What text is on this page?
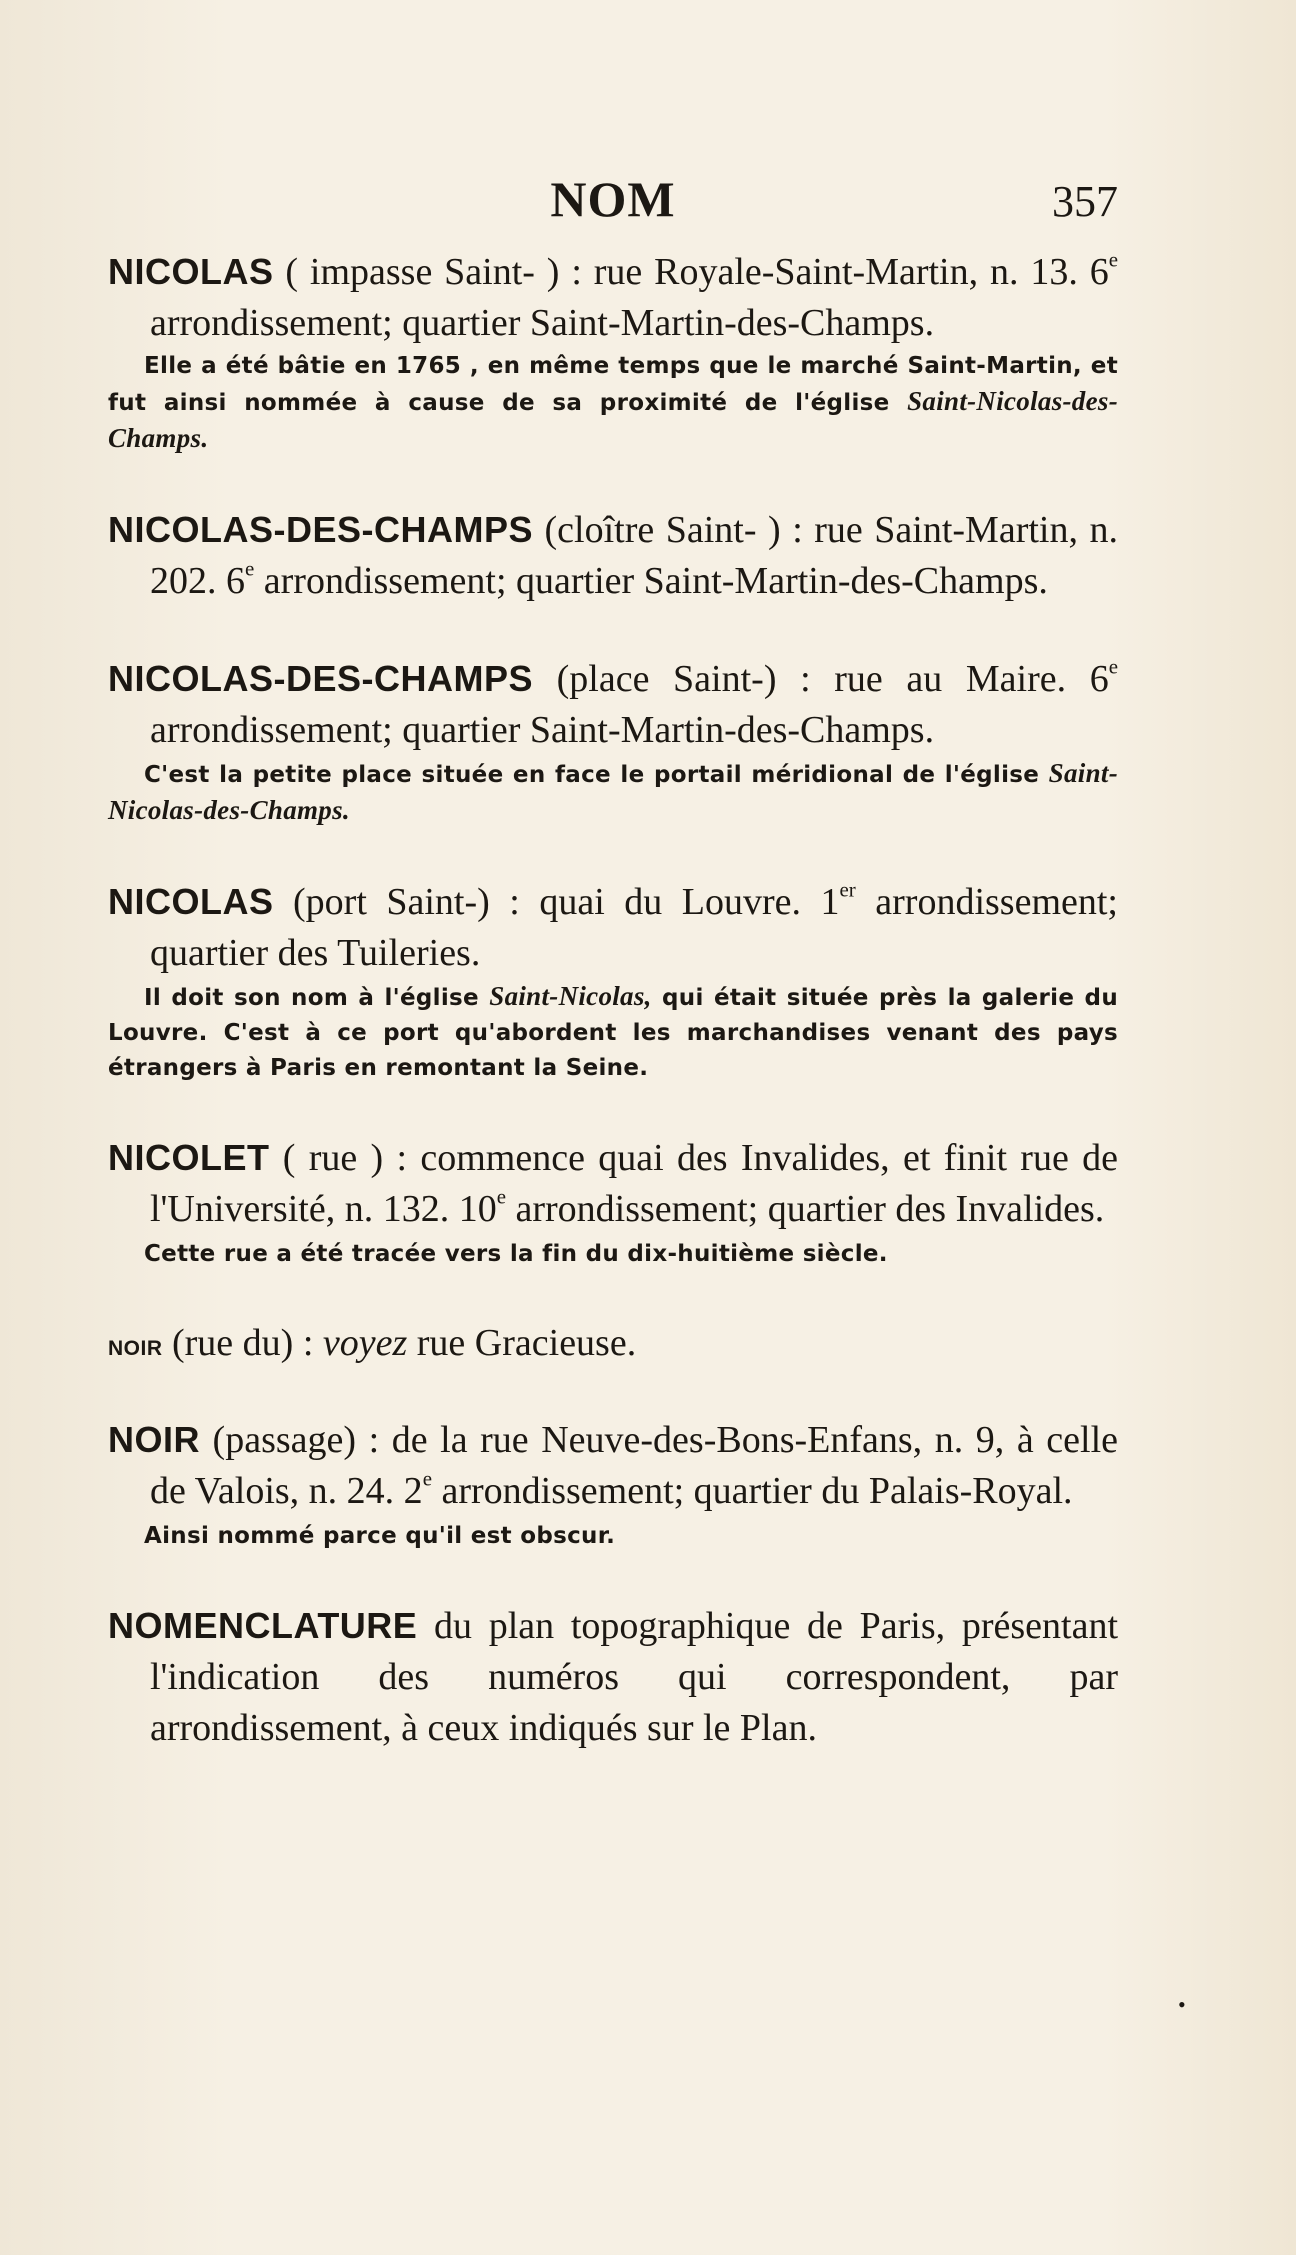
NOM	357

NICOLAS ( impasse Saint- ) : rue Royale-Saint-Martin, n. 13. 6e arrondissement; quartier Saint-Martin-des-Champs.

Elle a été bâtie en 1765 , en même temps que le marché Saint-Martin, et fut ainsi nommée à cause de sa proximité de l'église Saint-Nicolas-des-Champs.

NICOLAS-DES-CHAMPS (cloître Saint- ) : rue Saint-Martin, n. 202. 6e arrondissement; quartier Saint-Martin-des-Champs.

NICOLAS-DES-CHAMPS (place Saint-) : rue au Maire. 6e arrondissement; quartier Saint-Martin-des-Champs.

C'est la petite place située en face le portail méridional de l'église Saint-Nicolas-des-Champs.

NICOLAS (port Saint-) : quai du Louvre. 1er arrondissement; quartier des Tuileries.

Il doit son nom à l'église Saint-Nicolas, qui était située près la galerie du Louvre. C'est à ce port qu'abordent les marchandises venant des pays étrangers à Paris en remontant la Seine.

NICOLET ( rue ) : commence quai des Invalides, et finit rue de l'Université, n. 132. 10e arrondissement; quartier des Invalides.

Cette rue a été tracée vers la fin du dix-huitième siècle.

NOIR (rue du) : voyez rue Gracieuse.

NOIR (passage) : de la rue Neuve-des-Bons-Enfans, n. 9, à celle de Valois, n. 24. 2e arrondissement; quartier du Palais-Royal.

Ainsi nommé parce qu'il est obscur.

NOMENCLATURE du plan topographique de Paris, présentant l'indication des numéros qui correspondent, par arrondissement, à ceux indiqués sur le Plan.

•
